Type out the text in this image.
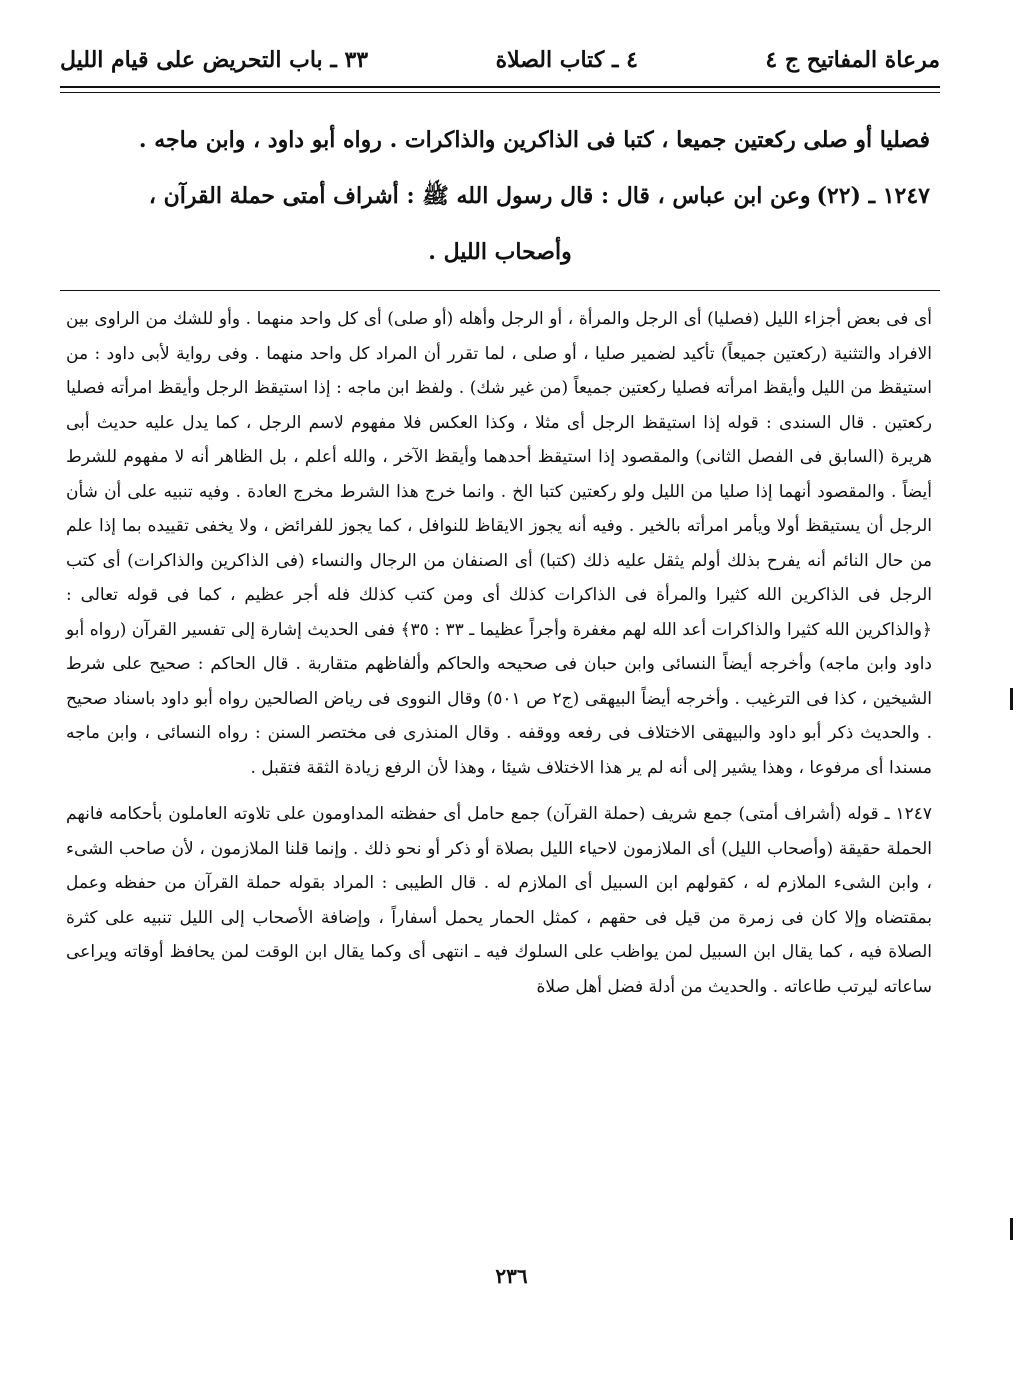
مرعاة المفاتيح ج ٤
٤ ـ كتاب الصلاة
٣٣ ـ باب التحريض على قيام الليل

فصليا أو صلى ركعتين جميعا ، كتبا فى الذاكرين والذاكرات . رواه أبو داود ، وابن ماجه .

١٢٤٧ ـ (٢٢)وعن ابن عباس ، قال : قال رسول الله ﷺ : أشراف أمتى حملة القرآن ،

وأصحاب الليل .

أى فى بعض أجزاء الليل (فصليا) أى الرجل والمرأة ، أو الرجل وأهله (أو صلى) أى كل واحد منهما . وأو للشك من الراوى بين الافراد والتثنية (ركعتين جميعاً) تأكيد لضمير صليا ، أو صلى ، لما تقرر أن المراد كل واحد منهما . وفى رواية لأبى داود : من استيقظ من الليل وأيقظ امرأته فصليا ركعتين جميعاً (من غير شك) . ولفظ ابن ماجه : إذا استيقظ الرجل وأيقظ امرأته فصليا ركعتين . قال السندى : قوله إذا استيقظ الرجل أى مثلا ، وكذا العكس فلا مفهوم لاسم الرجل ، كما يدل عليه حديث أبى هريرة (السابق فى الفصل الثانى) والمقصود إذا استيقظ أحدهما وأيقظ الآخر ، والله أعلم ، بل الظاهر أنه لا مفهوم للشرط أيضاً . والمقصود أنهما إذا صليا من الليل ولو ركعتين كتبا الخ . وانما خرج هذا الشرط مخرج العادة . وفيه تنبيه على أن شأن الرجل أن يستيقظ أولا ويأمر امرأته بالخير . وفيه أنه يجوز الايقاظ للنوافل ، كما يجوز للفرائض ، ولا يخفى تقييده بما إذا علم من حال النائم أنه يفرح بذلك أولم يثقل عليه ذلك (كتبا) أى الصنفان من الرجال والنساء (فى الذاكرين والذاكرات) أى كتب الرجل فى الذاكرين الله كثيرا والمرأة فى الذاكرات كذلك أى ومن كتب كذلك فله أجر عظيم ، كما فى قوله تعالى : ﴿والذاكرين الله كثيرا والذاكرات أعد الله لهم مغفرة وأجراً عظيما ـ ٣٣ : ٣٥﴾ ففى الحديث إشارة إلى تفسير القرآن (رواه أبو داود وابن ماجه) وأخرجه أيضاً النسائى وابن حبان فى صحيحه والحاكم وألفاظهم متقاربة . قال الحاكم : صحيح على شرط الشيخين ، كذا فى الترغيب . وأخرجه أيضاً البيهقى (ج٢ ص ٥٠١) وقال النووى فى رياض الصالحين رواه أبو داود باسناد صحيح . والحديث ذكر أبو داود والبيهقى الاختلاف فى رفعه ووقفه . وقال المنذرى فى مختصر السنن : رواه النسائى ، وابن ماجه مسندا أى مرفوعا ، وهذا يشير إلى أنه لم ير هذا الاختلاف شيئا ، وهذا لأن الرفع زيادة الثقة فتقبل .

١٢٤٧ ـ قوله (أشراف أمتى) جمع شريف (حملة القرآن) جمع حامل أى حفظته المداومون على تلاوته العاملون بأحكامه فانهم الحملة حقيقة (وأصحاب الليل) أى الملازمون لاحياء الليل بصلاة أو ذكر أو نحو ذلك . وإنما قلنا الملازمون ، لأن صاحب الشىء ، وابن الشىء الملازم له ، كقولهم ابن السبيل أى الملازم له . قال الطيبى : المراد بقوله حملة القرآن من حفظه وعمل بمقتضاه وإلا كان فى زمرة من قيل فى حقهم ، كمثل الحمار يحمل أسفاراً ، وإضافة الأصحاب إلى الليل تنبيه على كثرة الصلاة فيه ، كما يقال ابن السبيل لمن يواظب على السلوك فيه ـ انتهى أى وكما يقال ابن الوقت لمن يحافظ أوقاته ويراعى ساعاته ليرتب طاعاته . والحديث من أدلة فضل أهل صلاة

٢٣٦
